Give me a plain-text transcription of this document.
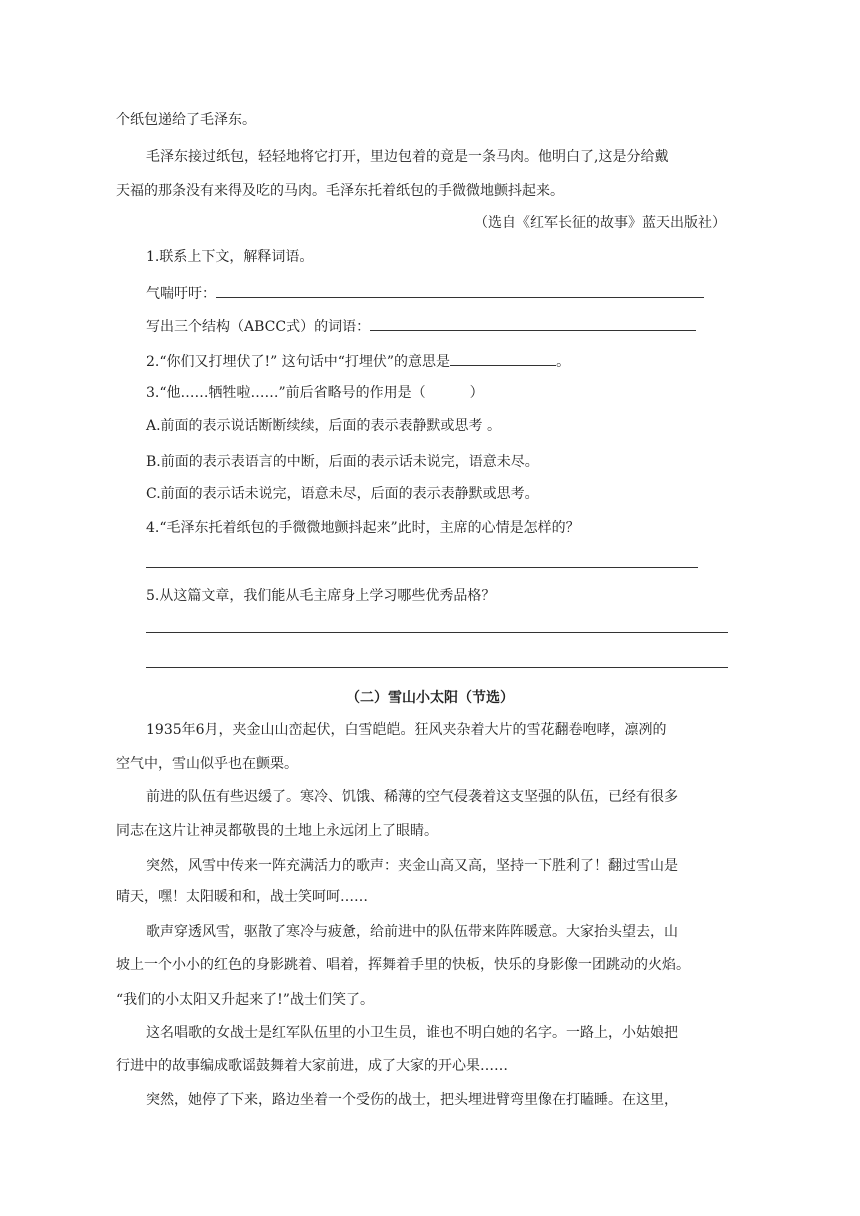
个纸包递给了毛泽东。

毛泽东接过纸包，轻轻地将它打开，里边包着的竟是一条马肉。他明白了,这是分给戴

天福的那条没有来得及吃的马肉。毛泽东托着纸包的手微微地颤抖起来。

（选自《红军长征的故事》蓝天出版社）

1.联系上下文，解释词语。

气喘吁吁：

写出三个结构（ABCC式）的词语：

2.“你们又打埋伏了!” 这句话中“打埋伏”的意思是	。

3.“他……牺牲啦……”前后省略号的作用是（	）

A.前面的表示说话断断续续，后面的表示表静默或思考 。

B.前面的表示表语言的中断，后面的表示话未说完，语意未尽。

C.前面的表示话未说完，语意未尽，后面的表示表静默或思考。

4.“毛泽东托着纸包的手微微地颤抖起来”此时，主席的心情是怎样的？

5.从这篇文章，我们能从毛主席身上学习哪些优秀品格？

（二）雪山小太阳（节选）

1935年6月，夹金山山峦起伏，白雪皑皑。狂风夹杂着大片的雪花翻卷咆哮，凛冽的

空气中，雪山似乎也在颤栗。

前进的队伍有些迟缓了。寒冷、饥饿、稀薄的空气侵袭着这支坚强的队伍，已经有很多

同志在这片让神灵都敬畏的土地上永远闭上了眼睛。

突然，风雪中传来一阵充满活力的歌声：夹金山高又高，坚持一下胜利了！翻过雪山是

晴天，嘿！太阳暖和和，战士笑呵呵……

歌声穿透风雪，驱散了寒冷与疲惫，给前进中的队伍带来阵阵暖意。大家抬头望去，山

坡上一个小小的红色的身影跳着、唱着，挥舞着手里的快板，快乐的身影像一团跳动的火焰。

“我们的小太阳又升起来了!”战士们笑了。

这名唱歌的女战士是红军队伍里的小卫生员，谁也不明白她的名字。一路上，小姑娘把

行进中的故事编成歌谣鼓舞着大家前进，成了大家的开心果……

突然，她停了下来，路边坐着一个受伤的战士，把头埋进臂弯里像在打瞌睡。在这里，
